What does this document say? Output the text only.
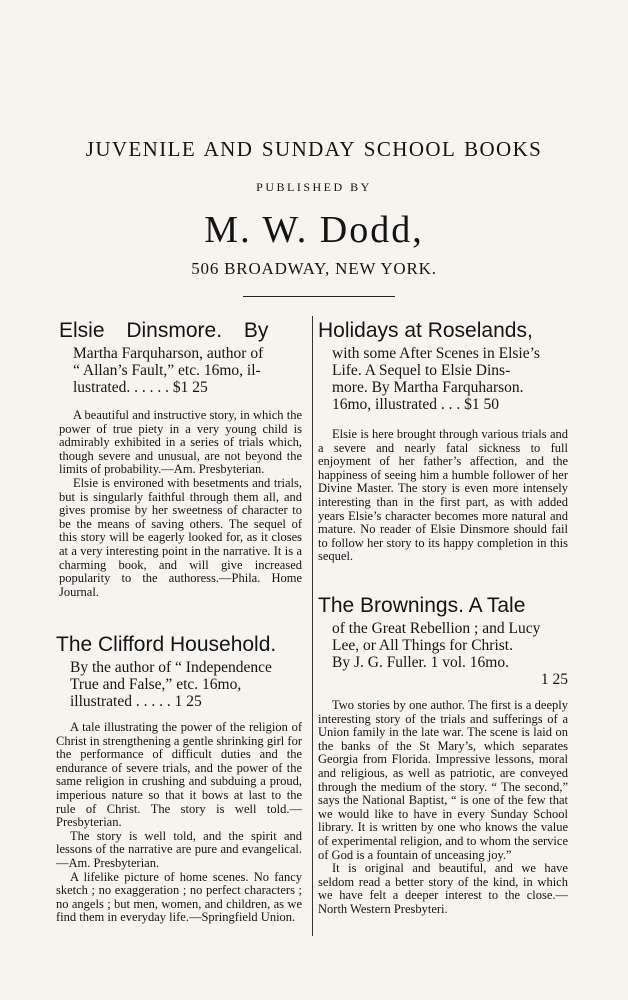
JUVENILE AND SUNDAY SCHOOL BOOKS
PUBLISHED BY
M. W. Dodd,
506 BROADWAY, NEW YORK.
Elsie Dinsmore. By
Martha Farquharson, author of
“ Allan’s Fault,” etc. 16mo, il-
lustrated. . . . . . $1 25

A beautiful and instructive story, in which the power of true piety in a very young child is admirably exhibited in a series of trials which, though severe and unusual, are not beyond the limits of probability.—Am. Presbyterian.

Elsie is environed with besetments and trials, but is singularly faithful through them all, and gives promise by her sweetness of character to be the means of saving others. The sequel of this story will be eagerly looked for, as it closes at a very interesting point in the narrative. It is a charming book, and will give increased popularity to the authoress.—Phila. Home Journal.

The Clifford Household.
By the author of “ Independence
True and False,” etc. 16mo,
illustrated . . . . . 1 25

A tale illustrating the power of the religion of Christ in strengthening a gentle shrinking girl for the performance of difficult duties and the endurance of severe trials, and the power of the same religion in crushing and subduing a proud, imperious nature so that it bows at last to the rule of Christ. The story is well told.—Presbyterian.

The story is well told, and the spirit and lessons of the narrative are pure and evangelical.—Am. Presbyterian.

A lifelike picture of home scenes. No fancy sketch ; no exaggeration ; no perfect characters ; no angels ; but men, women, and children, as we find them in everyday life.—Springfield Union.

Holidays at Roselands,
with some After Scenes in Elsie’s
Life. A Sequel to Elsie Dins-
more. By Martha Farquharson.
16mo, illustrated . . . $1 50

Elsie is here brought through various trials and a severe and nearly fatal sickness to full enjoyment of her father’s affection, and the happiness of seeing him a humble follower of her Divine Master. The story is even more intensely interesting than in the first part, as with added years Elsie’s character becomes more natural and mature. No reader of Elsie Dinsmore should fail to follow her story to its happy completion in this sequel.

The Brownings. A Tale
of the Great Rebellion ; and Lucy
Lee, or All Things for Christ.
By J. G. Fuller. 1 vol. 16mo.
1 25

Two stories by one author. The first is a deeply interesting story of the trials and sufferings of a Union family in the late war. The scene is laid on the banks of the St Mary’s, which separates Georgia from Florida. Impressive lessons, moral and religious, as well as patriotic, are conveyed through the medium of the story. “ The second,” says the National Baptist, “ is one of the few that we would like to have in every Sunday School library. It is written by one who knows the value of experimental religion, and to whom the service of God is a fountain of unceasing joy.”

It is original and beautiful, and we have seldom read a better story of the kind, in which we have felt a deeper interest to the close.—North Western Presbyteri.
